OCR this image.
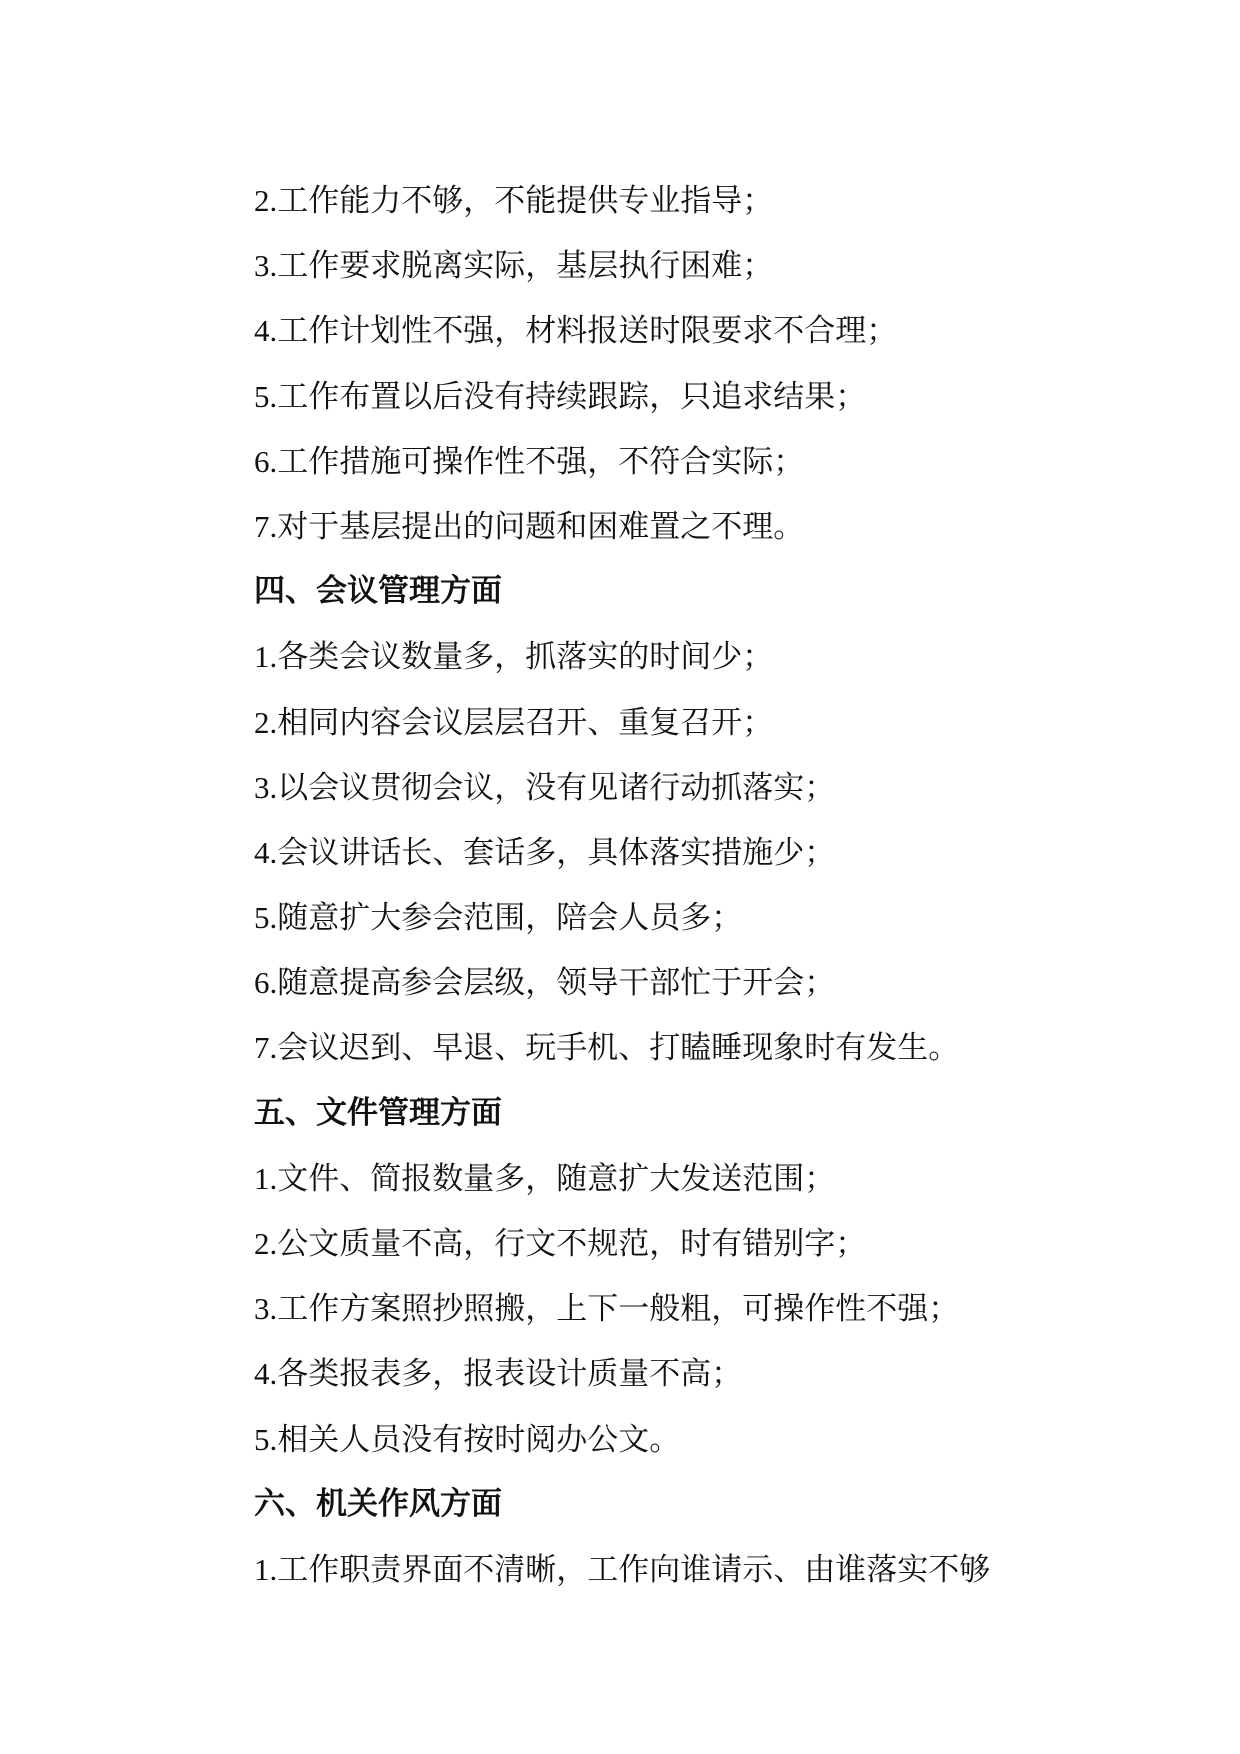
2.工作能力不够，不能提供专业指导；
3.工作要求脱离实际，基层执行困难；
4.工作计划性不强，材料报送时限要求不合理；
5.工作布置以后没有持续跟踪，只追求结果；
6.工作措施可操作性不强，不符合实际；
7.对于基层提出的问题和困难置之不理。
四、会议管理方面
1.各类会议数量多，抓落实的时间少；
2.相同内容会议层层召开、重复召开；
3.以会议贯彻会议，没有见诸行动抓落实；
4.会议讲话长、套话多，具体落实措施少；
5.随意扩大参会范围，陪会人员多；
6.随意提高参会层级，领导干部忙于开会；
7.会议迟到、早退、玩手机、打瞌睡现象时有发生。
五、文件管理方面
1.文件、简报数量多，随意扩大发送范围；
2.公文质量不高，行文不规范，时有错别字；
3.工作方案照抄照搬，上下一般粗，可操作性不强；
4.各类报表多，报表设计质量不高；
5.相关人员没有按时阅办公文。
六、机关作风方面
1.工作职责界面不清晰，工作向谁请示、由谁落实不够
